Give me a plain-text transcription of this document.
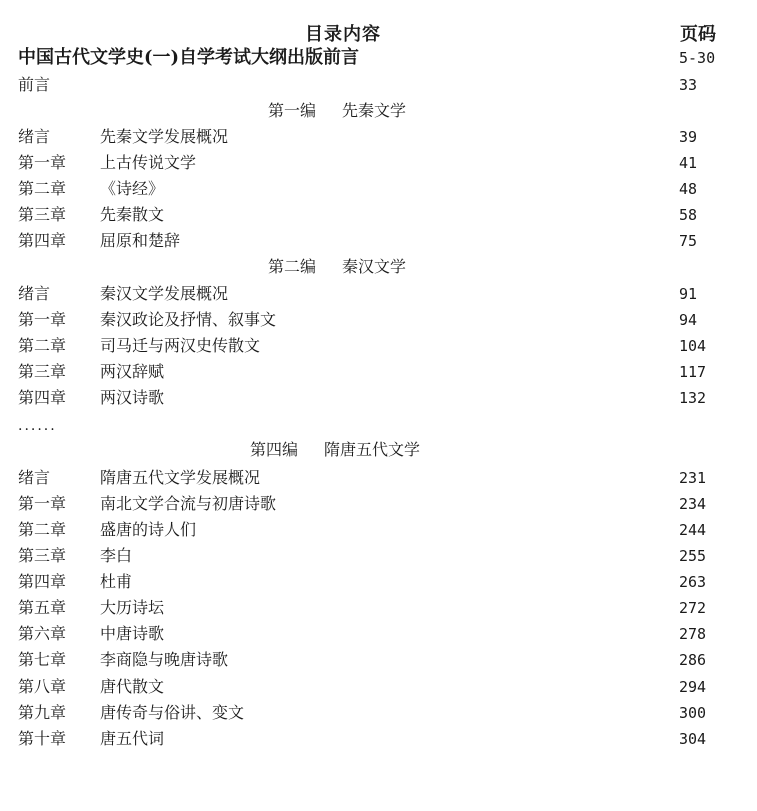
目录内容	页码
中国古代文学史(一)自学考试大纲出版前言	5-30
前言	33
第一编 先秦文学
绪言	先秦文学发展概况	39
第一章 上古传说文学	41
第二章 《诗经》	48
第三章 先秦散文	58
第四章 屈原和楚辞	75
第二编 秦汉文学
绪言	秦汉文学发展概况	91
第一章 秦汉政论及抒情、叙事文	94
第二章 司马迁与两汉史传散文	104
第三章 两汉辞赋	117
第四章 两汉诗歌	132
......
第四编 隋唐五代文学
绪言	隋唐五代文学发展概况	231
第一章 南北文学合流与初唐诗歌	234
第二章 盛唐的诗人们	244
第三章 李白	255
第四章 杜甫	263
第五章 大历诗坛	272
第六章 中唐诗歌	278
第七章 李商隐与晚唐诗歌	286
第八章 唐代散文	294
第九章 唐传奇与俗讲、变文	300
第十章 唐五代词	304
